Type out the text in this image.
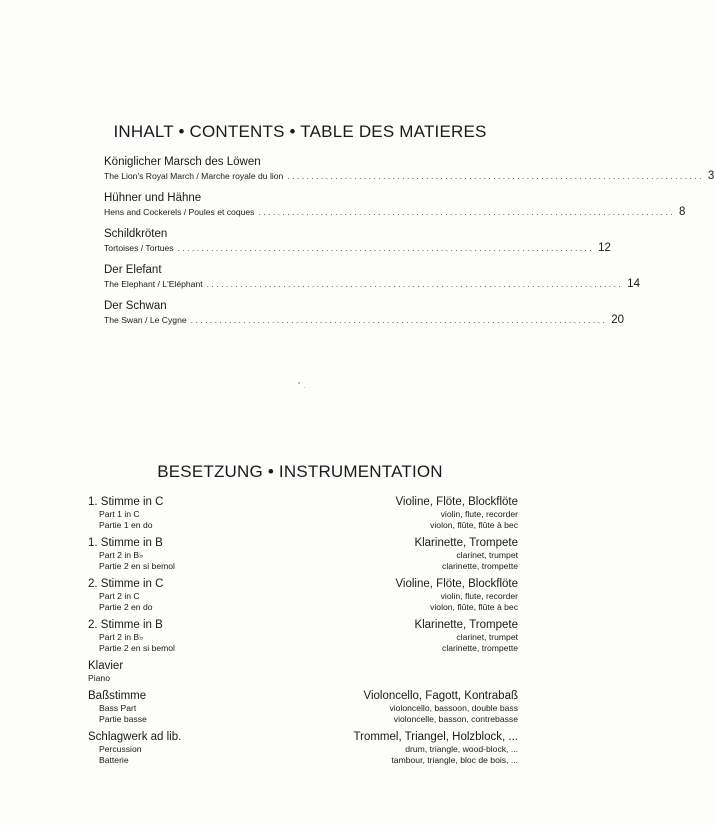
INHALT • CONTENTS • TABLE DES MATIERES
Königlicher Marsch des Löwen
The Lion's Royal March / Marche royale du lion ....................................................................................... 3
Hühner und Hähne
Hens and Cockerels / Poules et coques ....................................................................................... 8
Schildkröten
Tortoises / Tortues ....................................................................................... 12
Der Elefant
The Elephant / L'Eléphant ....................................................................................... 14
Der Schwan
The Swan / Le Cygne ....................................................................................... 20
BESETZUNG • INSTRUMENTATION
1. Stimme in C
Part 1 in C
Partie 1 en do
Violine, Flöte, Blockflöte
violin, flute, recorder
violon, flûte, flûte à bec
1. Stimme in B
Part 2 in B♭
Partie 2 en si bemol
Klarinette, Trompete
clarinet, trumpet
clarinette, trompette
2. Stimme in C
Part 2 in C
Partie 2 en do
Violine, Flöte, Blockflöte
violin, flute, recorder
violon, flûte, flûte à bec
2. Stimme in B
Part 2 in B♭
Partie 2 en si bemol
Klarinette, Trompete
clarinet, trumpet
clarinette, trompette
Klavier
Piano
Baßstimme
Bass Part
Partie basse
Violoncello, Fagott, Kontrabaß
violoncello, bassoon, double bass
violoncelle, basson, contrebasse
Schlagwerk ad lib.
Percussion
Batterie
Trommel, Triangel, Holzblock, ...
drum, triangle, wood-block, ...
tambour, triangle, bloc de bois, ...
